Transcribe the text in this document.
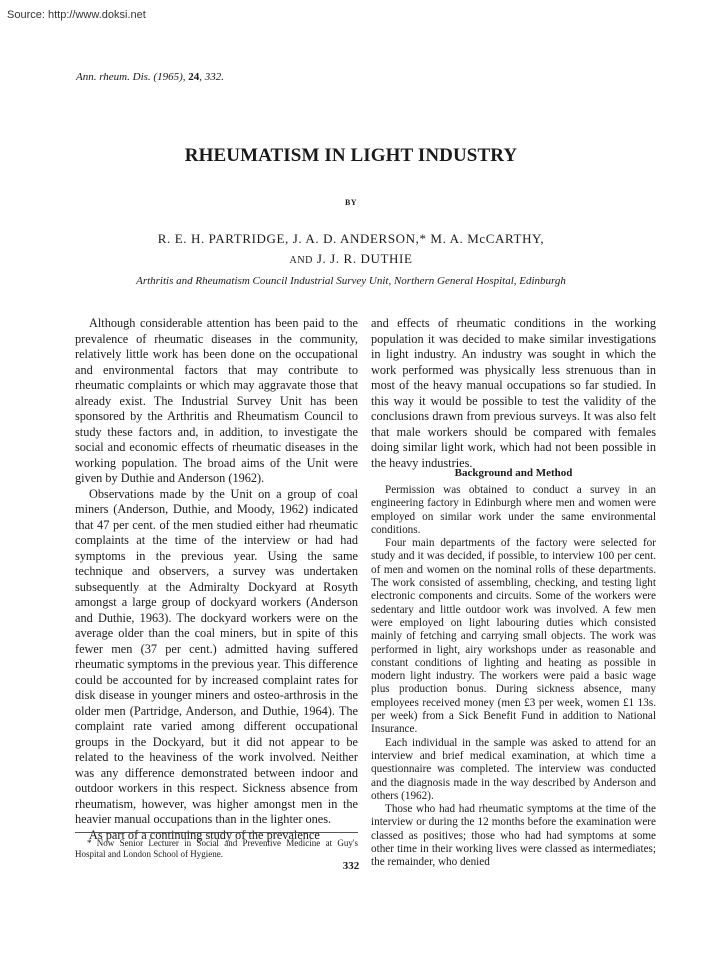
Source: http://www.doksi.net
Ann. rheum. Dis. (1965), 24, 332.
RHEUMATISM IN LIGHT INDUSTRY
BY
R. E. H. PARTRIDGE, J. A. D. ANDERSON,* M. A. McCARTHY,
AND J. J. R. DUTHIE
Arthritis and Rheumatism Council Industrial Survey Unit, Northern General Hospital, Edinburgh

Although considerable attention has been paid to the prevalence of rheumatic diseases in the community, relatively little work has been done on the occupational and environmental factors that may contribute to rheumatic complaints or which may aggravate those that already exist. The Industrial Survey Unit has been sponsored by the Arthritis and Rheumatism Council to study these factors and, in addition, to investigate the social and economic effects of rheumatic diseases in the working population. The broad aims of the Unit were given by Duthie and Anderson (1962).

Observations made by the Unit on a group of coal miners (Anderson, Duthie, and Moody, 1962) indicated that 47 per cent. of the men studied either had rheumatic complaints at the time of the interview or had had symptoms in the previous year. Using the same technique and observers, a survey was undertaken subsequently at the Admiralty Dockyard at Rosyth amongst a large group of dockyard workers (Anderson and Duthie, 1963). The dockyard workers were on the average older than the coal miners, but in spite of this fewer men (37 per cent.) admitted having suffered rheumatic symptoms in the previous year. This difference could be accounted for by increased complaint rates for disk disease in younger miners and osteo-arthrosis in the older men (Partridge, Anderson, and Duthie, 1964). The complaint rate varied among different occupational groups in the Dockyard, but it did not appear to be related to the heaviness of the work involved. Neither was any difference demonstrated between indoor and outdoor workers in this respect. Sickness absence from rheumatism, however, was higher amongst men in the heavier manual occupations than in the lighter ones.

As part of a continuing study of the prevalence

and effects of rheumatic conditions in the working population it was decided to make similar investigations in light industry. An industry was sought in which the work performed was physically less strenuous than in most of the heavy manual occupations so far studied. In this way it would be possible to test the validity of the conclusions drawn from previous surveys. It was also felt that male workers should be compared with females doing similar light work, which had not been possible in the heavy industries.

Background and Method

Permission was obtained to conduct a survey in an engineering factory in Edinburgh where men and women were employed on similar work under the same environmental conditions.

Four main departments of the factory were selected for study and it was decided, if possible, to interview 100 per cent. of men and women on the nominal rolls of these departments. The work consisted of assembling, checking, and testing light electronic components and circuits. Some of the workers were sedentary and little outdoor work was involved. A few men were employed on light labouring duties which consisted mainly of fetching and carrying small objects. The work was performed in light, airy workshops under as reasonable and constant conditions of lighting and heating as possible in modern light industry. The workers were paid a basic wage plus production bonus. During sickness absence, many employees received money (men £3 per week, women £1 13s. per week) from a Sick Benefit Fund in addition to National Insurance.

Each individual in the sample was asked to attend for an interview and brief medical examination, at which time a questionnaire was completed. The interview was conducted and the diagnosis made in the way described by Anderson and others (1962).

Those who had had rheumatic symptoms at the time of the interview or during the 12 months before the examination were classed as positives; those who had had symptoms at some other time in their working lives were classed as intermediates; the remainder, who denied

* Now Senior Lecturer in Social and Preventive Medicine at Guy's Hospital and London School of Hygiene.

332
